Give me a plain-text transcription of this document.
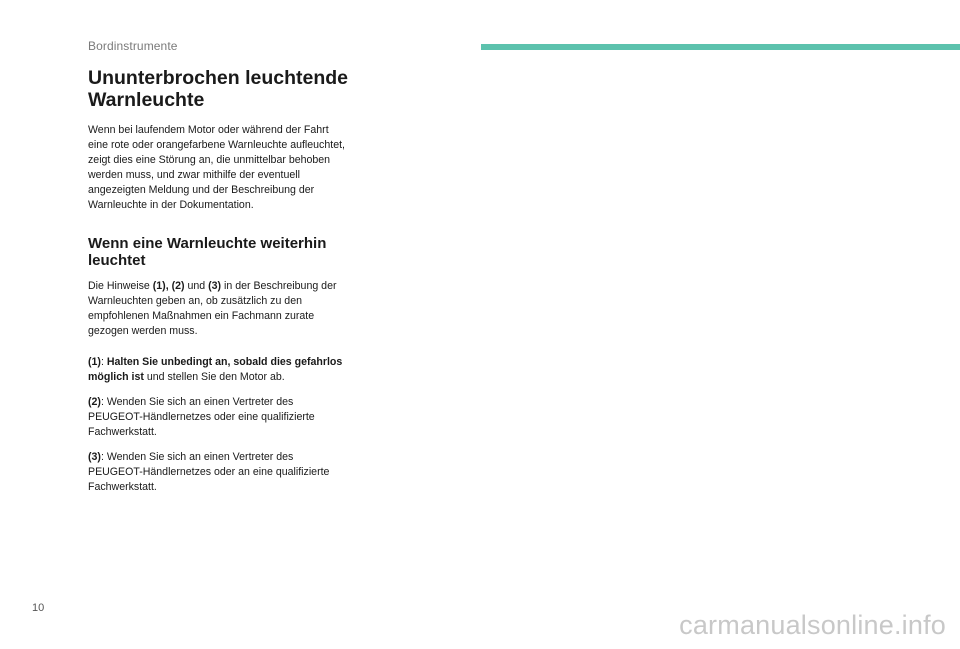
Bordinstrumente
Ununterbrochen leuchtende Warnleuchte

Wenn bei laufendem Motor oder während der Fahrt eine rote oder orangefarbene Warnleuchte aufleuchtet, zeigt dies eine Störung an, die unmittelbar behoben werden muss, und zwar mithilfe der eventuell angezeigten Meldung und der Beschreibung der Warnleuchte in der Dokumentation.

Wenn eine Warnleuchte weiterhin leuchtet

Die Hinweise (1), (2) und (3) in der Beschreibung der Warnleuchten geben an, ob zusätzlich zu den empfohlenen Maßnahmen ein Fachmann zurate gezogen werden muss.

(1): Halten Sie unbedingt an, sobald dies gefahrlos möglich ist und stellen Sie den Motor ab.

(2): Wenden Sie sich an einen Vertreter des PEUGEOT-Händlernetzes oder eine qualifizierte Fachwerkstatt.

(3): Wenden Sie sich an einen Vertreter des PEUGEOT-Händlernetzes oder an eine qualifizierte Fachwerkstatt.

10
carmanualsonline.info
